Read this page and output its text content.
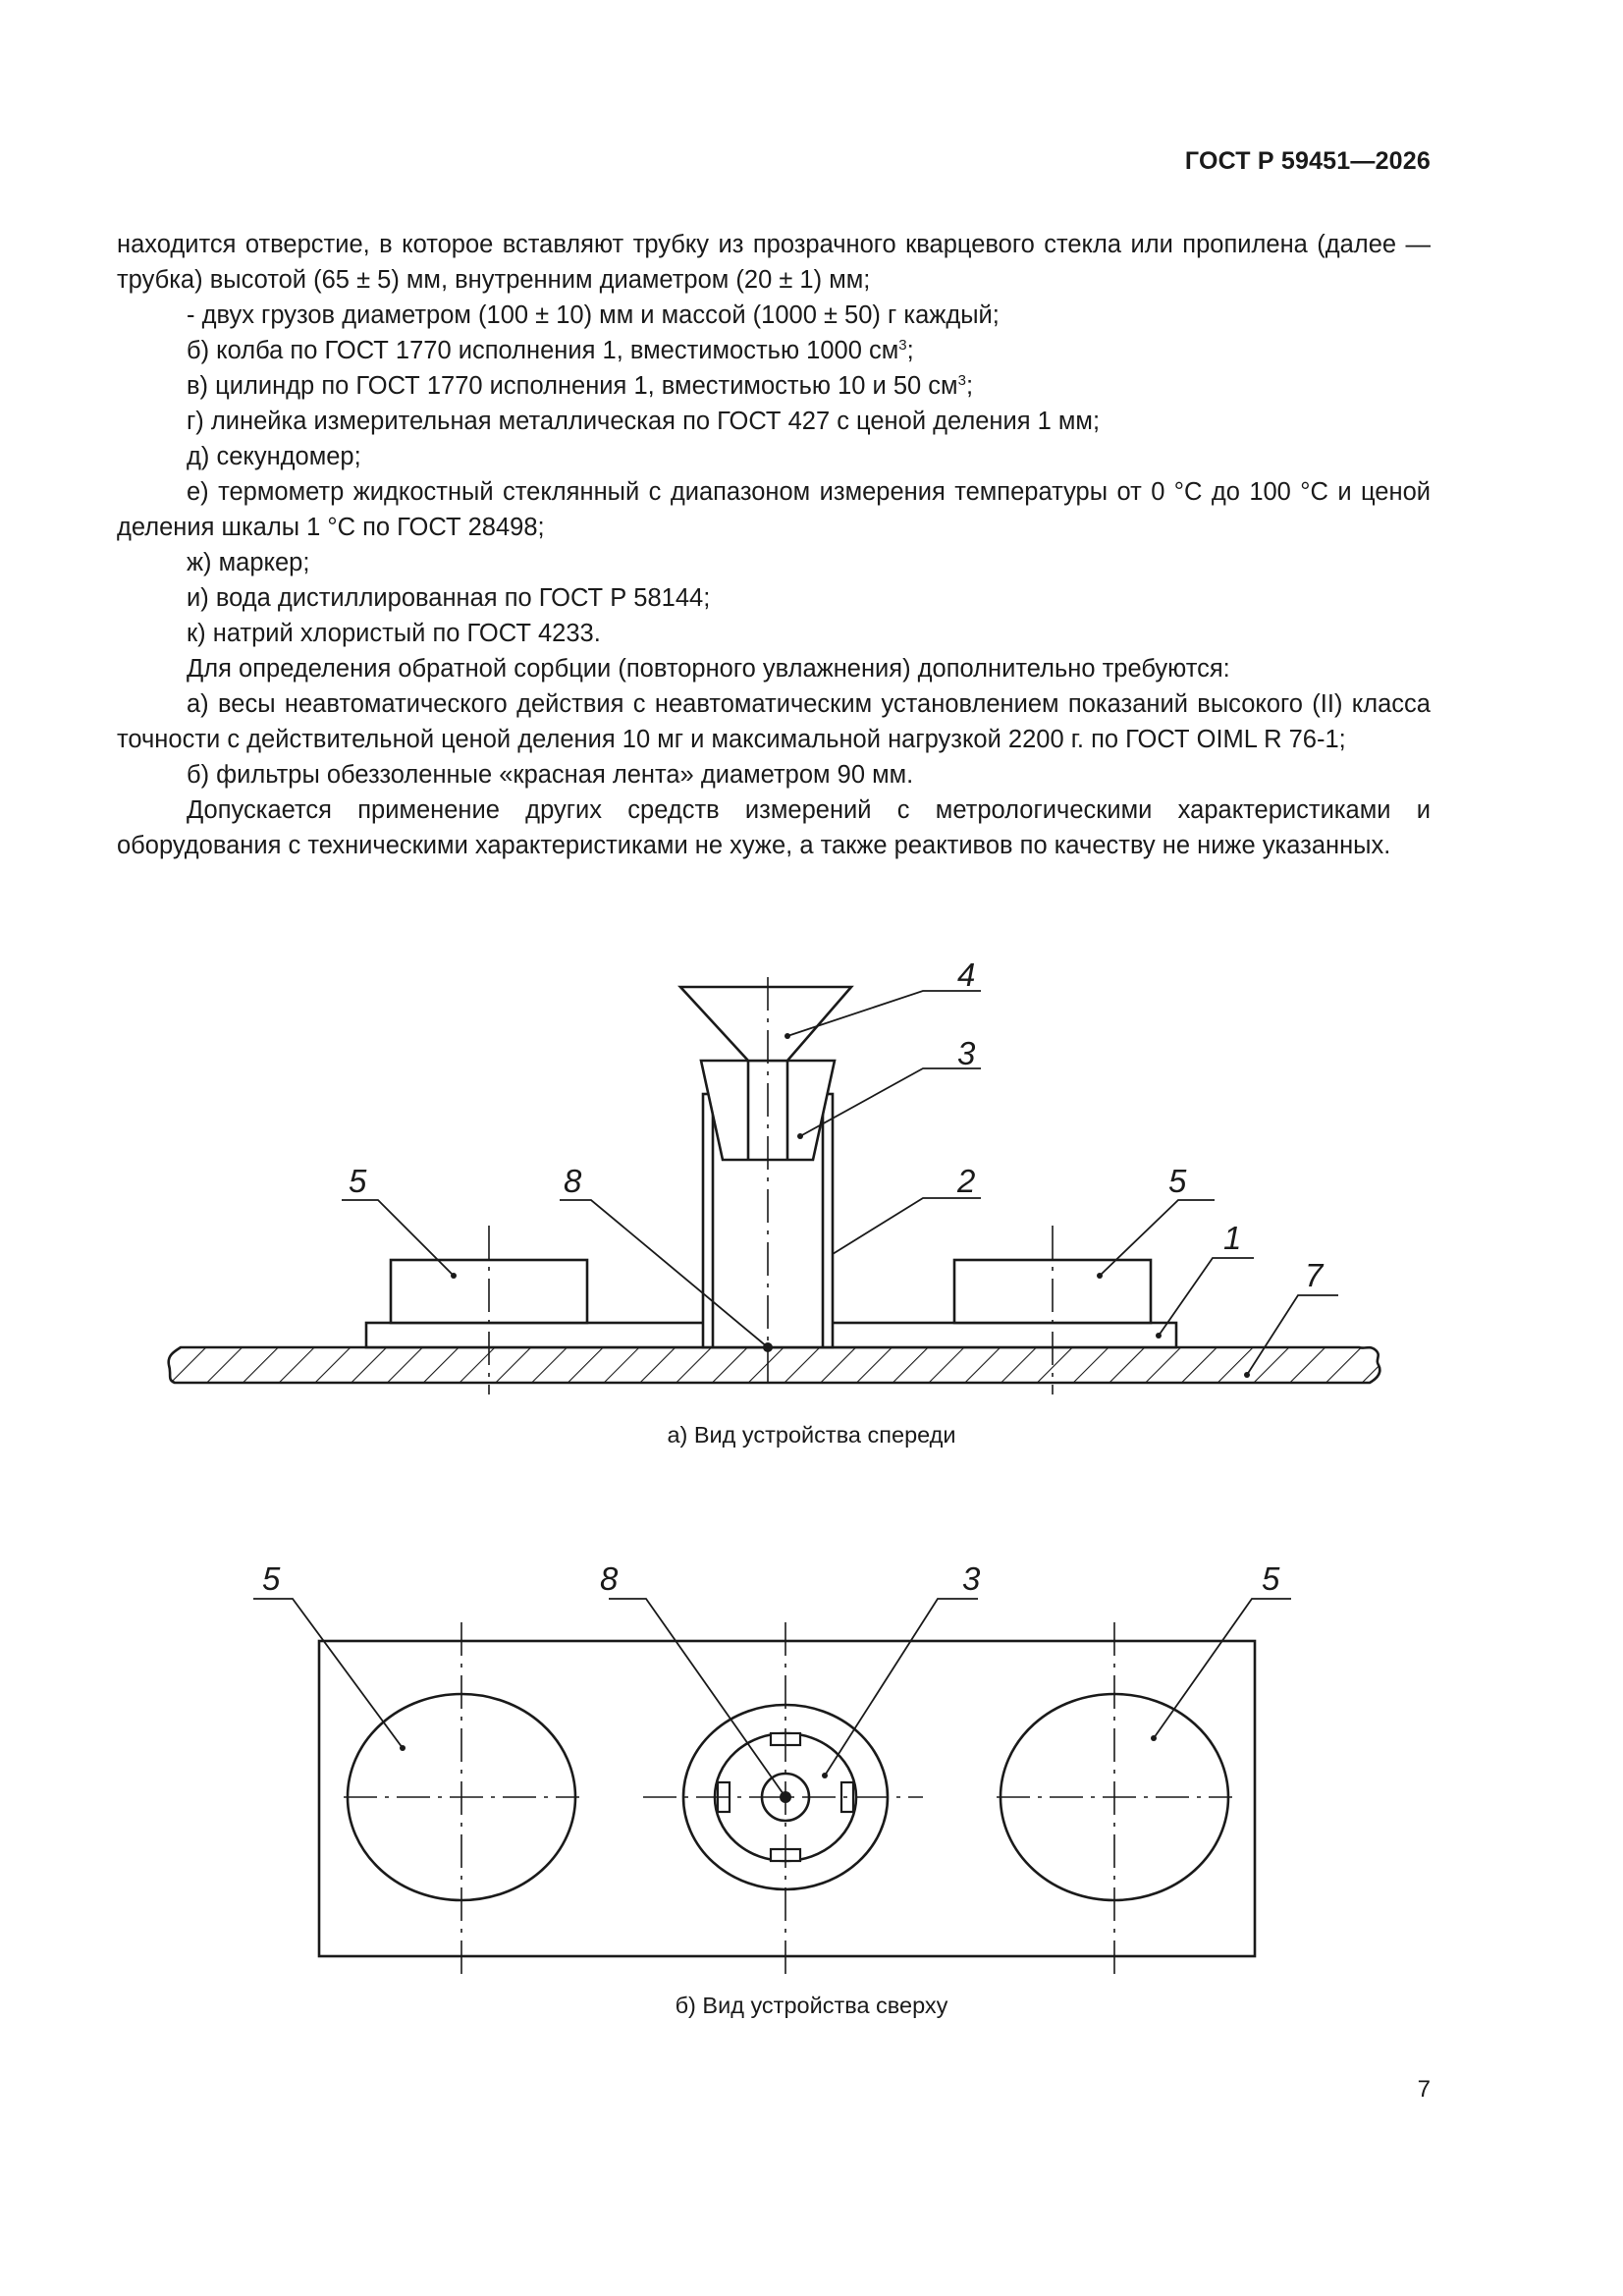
ГОСТ Р 59451—2026

находится отверстие, в которое вставляют трубку из прозрачного кварцевого стекла или пропилена (далее — трубка) высотой (65 ± 5) мм, внутренним диаметром (20 ± 1) мм;

- двух грузов диаметром (100 ± 10) мм и массой (1000 ± 50) г каждый;

б) колба по ГОСТ 1770 исполнения 1, вместимостью 1000 $см^3$;

в) цилиндр по ГОСТ 1770 исполнения 1, вместимостью 10 и 50 $см^3$;

г) линейка измерительная металлическая по ГОСТ 427 с ценой деления 1 мм;

д) секундомер;

е) термометр жидкостный стеклянный с диапазоном измерения температуры от 0 °С до 100 °С и ценой деления шкалы 1 °С по ГОСТ 28498;

ж) маркер;

и) вода дистиллированная по ГОСТ Р 58144;

к) натрий хлористый по ГОСТ 4233.

Для определения обратной сорбции (повторного увлажнения) дополнительно требуются:

а) весы неавтоматического действия с неавтоматическим установлением показаний высокого (II) класса точности с действительной ценой деления 10 мг и максимальной нагрузкой 2200 г. по ГОСТ OIML R 76-1;

б) фильтры обеззоленные «красная лента» диаметром 90 мм.

Допускается применение других средств измерений с метрологическими характеристиками и оборудования с техническими характеристиками не хуже, а также реактивов по качеству не ниже указанных.

4
3
2
5	8	5
1
7
5	8	3	5
а) Вид устройства спереди
б) Вид устройства сверху
7
